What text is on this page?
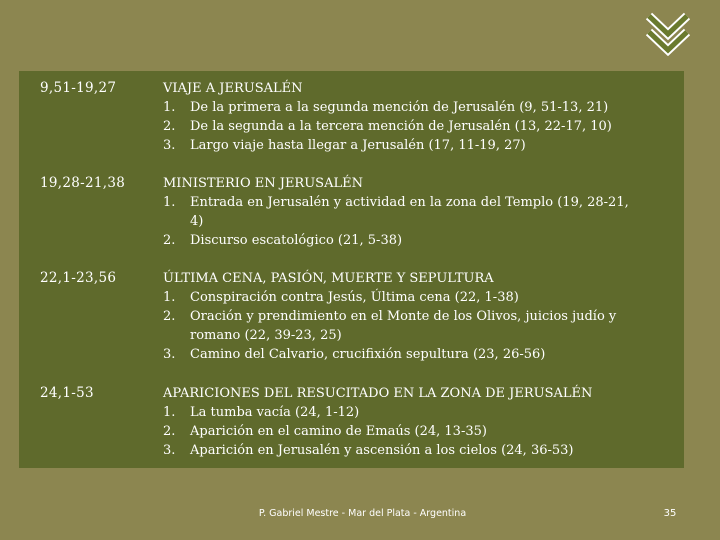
9,51-19,27	VIAJE A JERUSALÉN
1. De la primera a la segunda mención de Jerusalén (9, 51-13, 21)
2. De la segunda a la tercera mención de Jerusalén (13, 22-17, 10)
3. Largo viaje hasta llegar a Jerusalén (17, 11-19, 27)
19,28-21,38	MINISTERIO EN JERUSALÉN
1. Entrada en Jerusalén y actividad en la zona del Templo (19, 28-21, 4)
2. Discurso escatológico (21, 5-38)
22,1-23,56	ÚLTIMA CENA, PASIÓN, MUERTE Y SEPULTURA
1. Conspiración contra Jesús, Última cena (22, 1-38)
2. Oración y prendimiento en el Monte de los Olivos, juicios judío y romano (22, 39-23, 25)
3. Camino del Calvario, crucifixión sepultura (23, 26-56)
24,1-53	APARICIONES DEL RESUCITADO EN LA ZONA DE JERUSALÉN
1. La tumba vacía (24, 1-12)
2. Aparición en el camino de Emaús (24, 13-35)
3. Aparición en Jerusalén y ascensión a los cielos (24, 36-53)
P. Gabriel Mestre - Mar del Plata - Argentina	35
